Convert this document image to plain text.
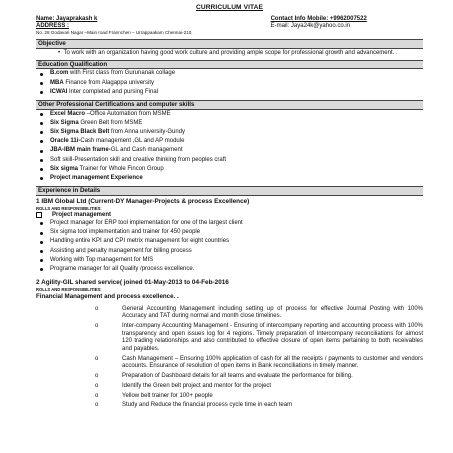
CURRICULUM VITAE
Name: Jayaprakash k
ADDRESS :
No. 28 Godavari Nagar –Main road Frannchen – Urrappaakam Chennai-210.
Contact Info Mobile: +9962007522
E-mail: Jaya24k@yahoo.co.in
Objective
•  To work with an organization having good work culture and providing ample scope for professional growth and advancement. .
Education Qualification
B.com with First class from Gurunanak collage
MBA Finance from Alagappa university
ICWAI Inter completed and pursing Final
Other Professional Certifications and computer skills
Excel Macro –Office Automation from MSME
Six Sigma Green Belt from MSME
Six Sigma Black Belt from Anna university-Gundy
Oracle 11i-Cash management ,GL and AP module
JBA-IBM main frame-GL and Cash management
Soft skill-Presentation skill and creative thinking from peoples craft
Six sigma Trainer for Whole Fincon Group
Project management Experience
Experience in Details
1 IBM Global Ltd (Current-DY Manager-Projects & process Excellence)
ROLLS AND RESPONSIBILITIES:
Project management
Project manager for ERP tool implementation for one of the largest client
Six sigma tool implementation and trainer for 450 people
Handling entire KPI and CPI metrix management for eight countries
Assisting and penalty management for billing process
Working with Top management for MIS
Programe manager for all Quality /process excellence.
2 Agility-GIL shared service( joined 01-May-2013 to 04-Feb-2016
ROLLS AND RESPONSIBILITIES:
Financial Management and process excellence. .
o	General Accounting Management including setting up of process for effective Journal Posting with 100% Accuracy and TAT during normal and month close timelines.
o	Inter-company Accounting Management - Ensuring of intercompany reporting and accounting process with 100% transparency and open issues log for 4 regions. Timely preparation of Intercompany reconciliations for almost 120 trading relationships and also contributed to effective closure of open items pertaining to both receivables and payables.
o	Cash Management – Ensuring 100% application of cash for all the receipts / payments to customer and vendors accounts. Ensurance of resolution of open items in Bank reconciliations in timely manner.
o	Preparation of Dashboard details for all teams and evaluate the performance for billing.
o	Identify the Green belt project and mentor for the project
o	Yellow belt trainer for 100+ people
o	Study and Reduce the financial process cycle time in each team
